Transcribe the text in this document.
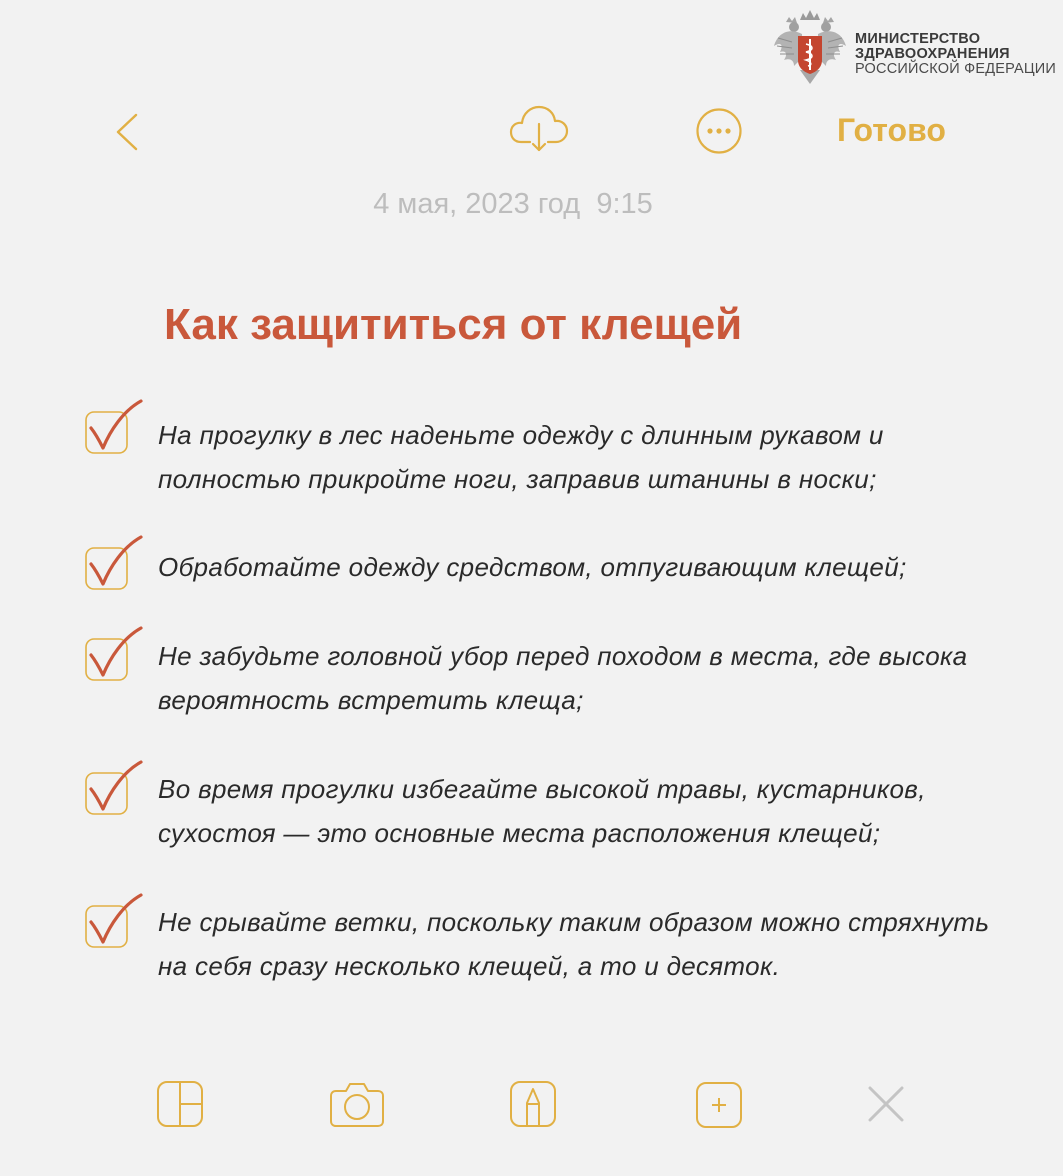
МИНИСТЕРСТВО
ЗДРАВООХРАНЕНИЯ
РОССИЙСКОЙ ФЕДЕРАЦИИ
Готово
4 мая, 2023 год  9:15
Как защититься от клещей

На прогулку в лес наденьте одежду с длинным рукавом и полностью прикройте ноги, заправив штанины в носки;

Обработайте одежду средством, отпугивающим клещей;

Не забудьте головной убор перед походом в места, где высока вероятность встретить клеща;

Во время прогулки избегайте высокой травы, кустарников, сухостоя — это основные места расположения клещей;

Не срывайте ветки, поскольку таким образом можно стряхнуть на себя сразу несколько клещей, а то и десяток.
